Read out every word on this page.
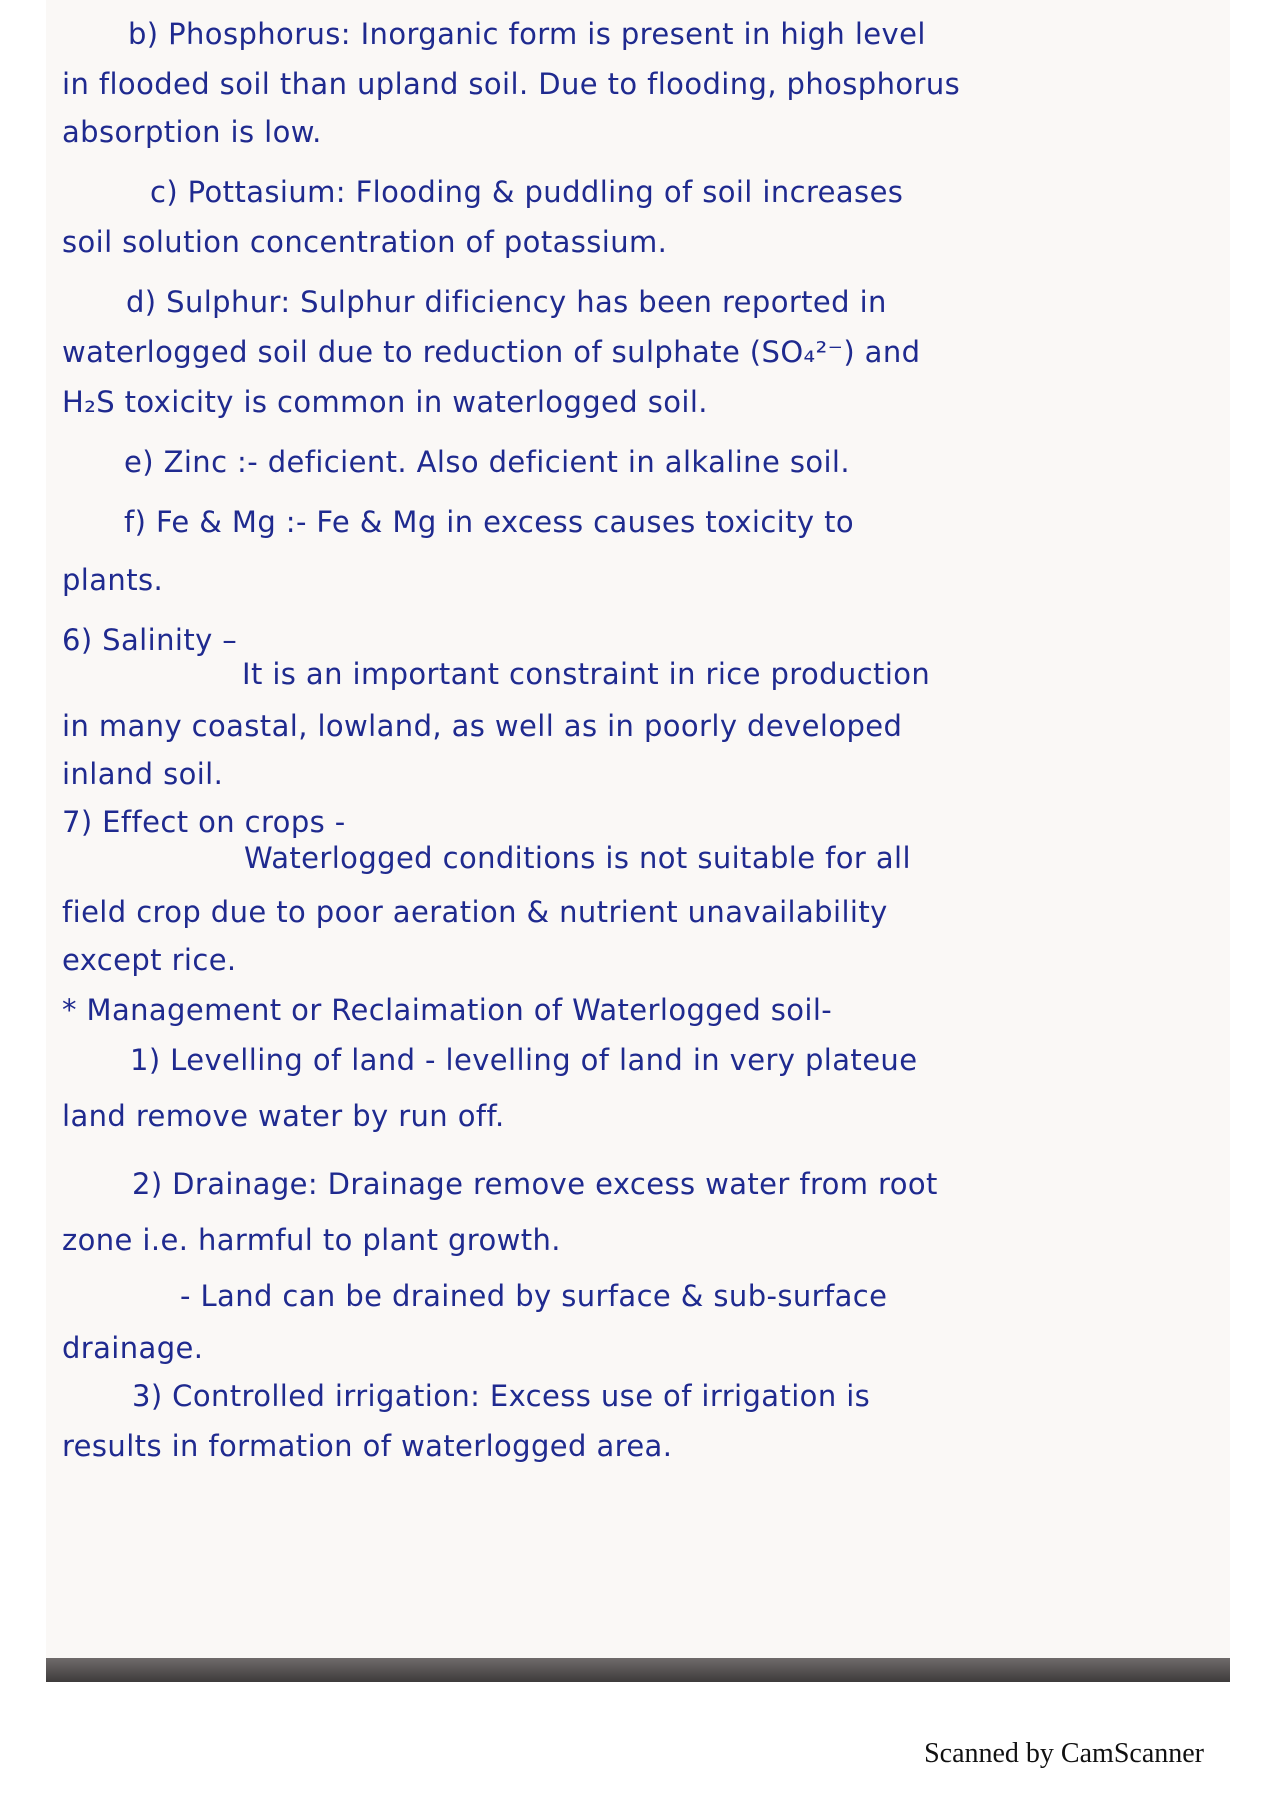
b) Phosphorus: Inorganic form is present in high level
in flooded soil than upland soil. Due to flooding, phosphorus
absorption is low.
c) Pottasium: Flooding & puddling of soil increases
soil solution concentration of potassium.
d) Sulphur: Sulphur dificiency has been reported in
waterlogged soil due to reduction of sulphate (SO₄²⁻) and
H₂S toxicity is common in waterlogged soil.
e) Zinc :- deficient. Also deficient in alkaline soil.
f) Fe & Mg :- Fe & Mg in excess causes toxicity to
plants.
6) Salinity –
It is an important constraint in rice production
in many coastal, lowland, as well as in poorly developed
inland soil.
7) Effect on crops -
Waterlogged conditions is not suitable for all
field crop due to poor aeration & nutrient unavailability
except rice.
* Management or Reclaimation of Waterlogged soil-
1) Levelling of land - levelling of land in very plateue
land remove water by run off.
2) Drainage: Drainage remove excess water from root
zone i.e. harmful to plant growth.
- Land can be drained by surface & sub-surface
drainage.
3) Controlled irrigation: Excess use of irrigation is
results in formation of waterlogged area.
Scanned by CamScanner
